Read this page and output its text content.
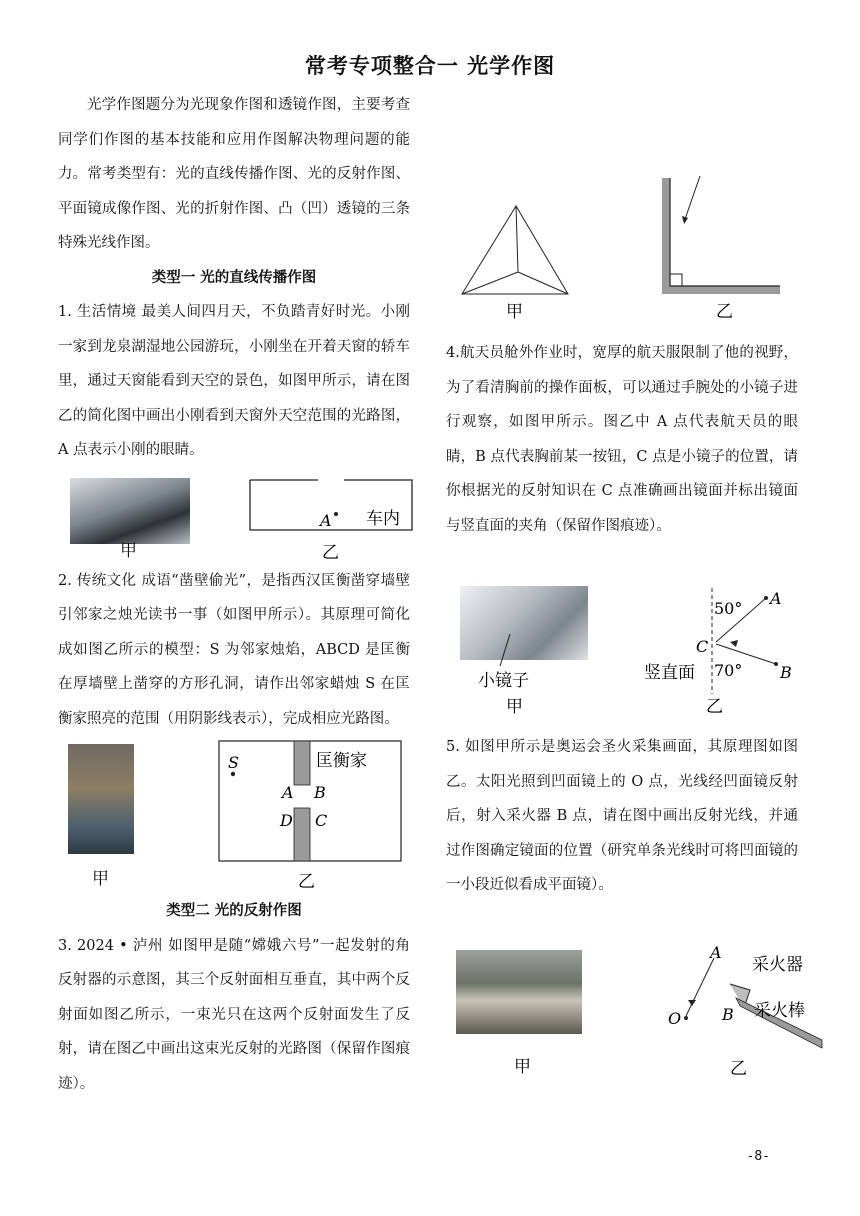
常考专项整合一 光学作图

光学作图题分为光现象作图和透镜作图，主要考查同学们作图的基本技能和应用作图解决物理问题的能力。常考类型有：光的直线传播作图、光的反射作图、平面镜成像作图、光的折射作图、凸（凹）透镜的三条特殊光线作图。

类型一 光的直线传播作图

1. 生活情境 最美人间四月天，不负踏青好时光。小刚一家到龙泉湖湿地公园游玩，小刚坐在开着天窗的轿车里，通过天窗能看到天空的景色，如图甲所示，请在图乙的简化图中画出小刚看到天窗外天空范围的光路图，A 点表示小刚的眼睛。

甲
A 车内
乙

2. 传统文化 成语“凿壁偷光”，是指西汉匡衡凿穿墙壁引邻家之烛光读书一事（如图甲所示）。其原理可简化成如图乙所示的模型：S 为邻家烛焰，ABCD 是匡衡在厚墙壁上凿穿的方形孔洞，请作出邻家蜡烛 S 在匡衡家照亮的范围（用阴影线表示），完成相应光路图。

甲
S
A B
D C
匡衡家
乙

类型二 光的反射作图

3. 2024 • 泸州 如图甲是随“嫦娥六号”一起发射的角反射器的示意图，其三个反射面相互垂直，其中两个反射面如图乙所示，一束光只在这两个反射面发生了反射，请在图乙中画出这束光反射的光路图（保留作图痕迹）。

甲	乙

4.航天员舱外作业时，宽厚的航天服限制了他的视野，为了看清胸前的操作面板，可以通过手腕处的小镜子进行观察，如图甲所示。图乙中 A 点代表航天员的眼睛，B 点代表胸前某一按钮，C 点是小镜子的位置，请你根据光的反射知识在 C 点准确画出镜面并标出镜面与竖直面的夹角（保留作图痕迹）。

小镜子
甲
50°
70°
A
B
C
竖直面
乙

5. 如图甲所示是奥运会圣火采集画面，其原理图如图乙。太阳光照到凹面镜上的 O 点，光线经凹面镜反射后，射入采火器 B 点，请在图中画出反射光线，并通过作图确定镜面的位置（研究单条光线时可将凹面镜的一小段近似看成平面镜）。

甲
A
O	B
采火器
采火棒
乙
-8-
